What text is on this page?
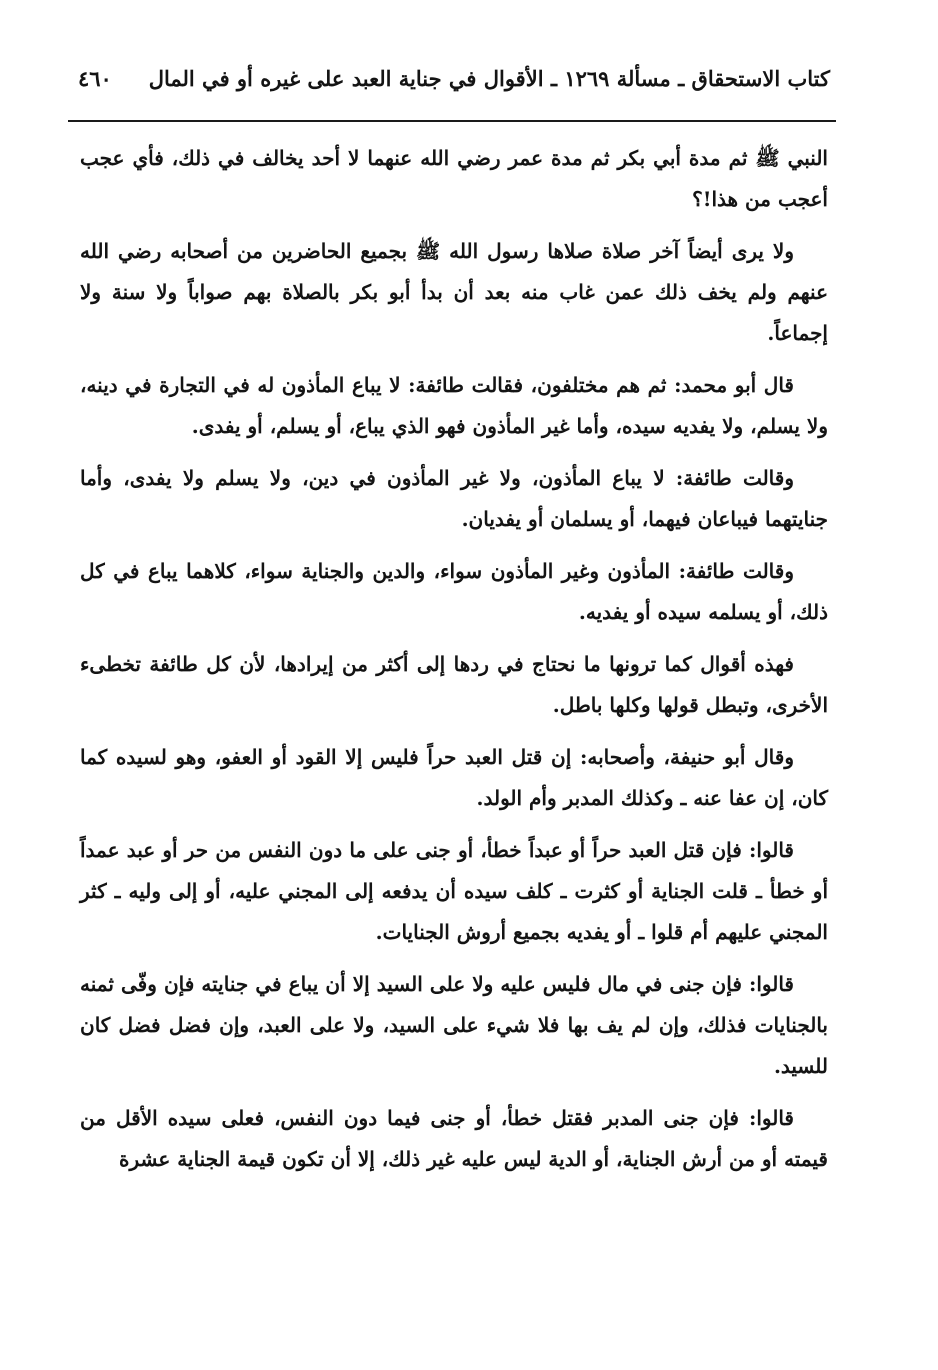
كتاب الاستحقاق ـ مسألة ١٢٦٩ ـ الأقوال في جناية العبد على غيره أو في المال
٤٦٠

النبي ﷺ ثم مدة أبي بكر ثم مدة عمر رضي الله عنهما لا أحد يخالف في ذلك، فأي عجب أعجب من هذا!؟

ولا يرى أيضاً آخر صلاة صلاها رسول الله ﷺ بجميع الحاضرين من أصحابه رضي الله عنهم ولم يخف ذلك عمن غاب منه بعد أن بدأ أبو بكر بالصلاة بهم صواباً ولا سنة ولا إجماعاً.

قال أبو محمد: ثم هم مختلفون، فقالت طائفة: لا يباع المأذون له في التجارة في دينه، ولا يسلم، ولا يفديه سيده، وأما غير المأذون فهو الذي يباع، أو يسلم، أو يفدى.

وقالت طائفة: لا يباع المأذون، ولا غير المأذون في دين، ولا يسلم ولا يفدى، وأما جنايتهما فيباعان فيهما، أو يسلمان أو يفديان.

وقالت طائفة: المأذون وغير المأذون سواء، والدين والجناية سواء، كلاهما يباع في كل ذلك، أو يسلمه سيده أو يفديه.

فهذه أقوال كما ترونها ما نحتاج في ردها إلى أكثر من إيرادها، لأن كل طائفة تخطىء الأخرى، وتبطل قولها وكلها باطل.

وقال أبو حنيفة، وأصحابه: إن قتل العبد حراً فليس إلا القود أو العفو، وهو لسيده كما كان، إن عفا عنه ـ وكذلك المدبر وأم الولد.

قالوا: فإن قتل العبد حراً أو عبداً خطأ، أو جنى على ما دون النفس من حر أو عبد عمداً أو خطأ ـ قلت الجناية أو كثرت ـ كلف سيده أن يدفعه إلى المجني عليه، أو إلى وليه ـ كثر المجني عليهم أم قلوا ـ أو يفديه بجميع أروش الجنايات.

قالوا: فإن جنى في مال فليس عليه ولا على السيد إلا أن يباع في جنايته فإن وفّى ثمنه بالجنايات فذلك، وإن لم يف بها فلا شيء على السيد، ولا على العبد، وإن فضل فضل كان للسيد.

قالوا: فإن جنى المدبر فقتل خطأ، أو جنى فيما دون النفس، فعلى سيده الأقل من قيمته أو من أرش الجناية، أو الدية ليس عليه غير ذلك، إلا أن تكون قيمة الجناية عشرة
